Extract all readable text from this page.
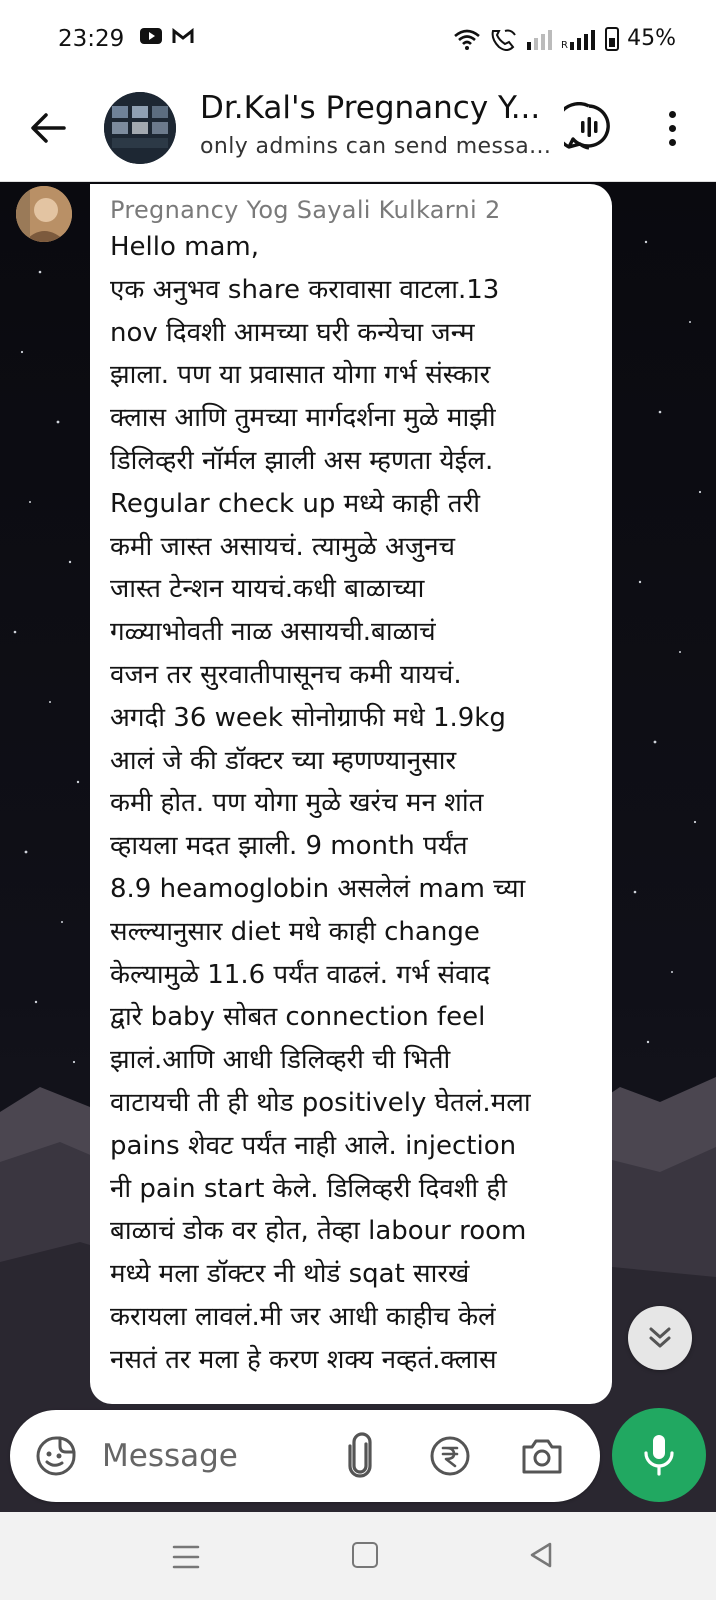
23:29	R	45%
Dr.Kal's Pregnancy Y...
only admins can send messa...
Pregnancy Yog Sayali Kulkarni 2
Hello mam,
एक अनुभव share करावासा वाटला.13
nov दिवशी आमच्या घरी कन्येचा जन्म
झाला. पण या प्रवासात योगा गर्भ संस्कार
क्लास आणि तुमच्या मार्गदर्शना मुळे माझी
डिलिव्हरी नॉर्मल झाली अस म्हणता येईल.
Regular check up मध्ये काही तरी
कमी जास्त असायचं. त्यामुळे अजुनच
जास्त टेन्शन यायचं.कधी बाळाच्या
गळ्याभोवती नाळ असायची.बाळाचं
वजन तर सुरवातीपासूनच कमी यायचं.
अगदी 36 week सोनोग्राफी मधे 1.9kg
आलं जे की डॉक्टर च्या म्हणण्यानुसार
कमी होत. पण योगा मुळे खरंच मन शांत
व्हायला मदत झाली. 9 month पर्यंत
8.9 heamoglobin असलेलं mam च्या
सल्ल्यानुसार diet मधे काही change
केल्यामुळे 11.6 पर्यंत वाढलं. गर्भ संवाद
द्वारे baby सोबत connection feel
झालं.आणि आधी डिलिव्हरी ची भिती
वाटायची ती ही थोड positively घेतलं.मला
pains शेवट पर्यंत नाही आले. injection
नी pain start केले. डिलिव्हरी दिवशी ही
बाळाचं डोक वर होत, तेव्हा labour room
मध्ये मला डॉक्टर नी थोडं sqat सारखं
करायला लावलं.मी जर आधी काहीच केलं
नसतं तर मला हे करण शक्य नव्हतं.क्लास
Message
